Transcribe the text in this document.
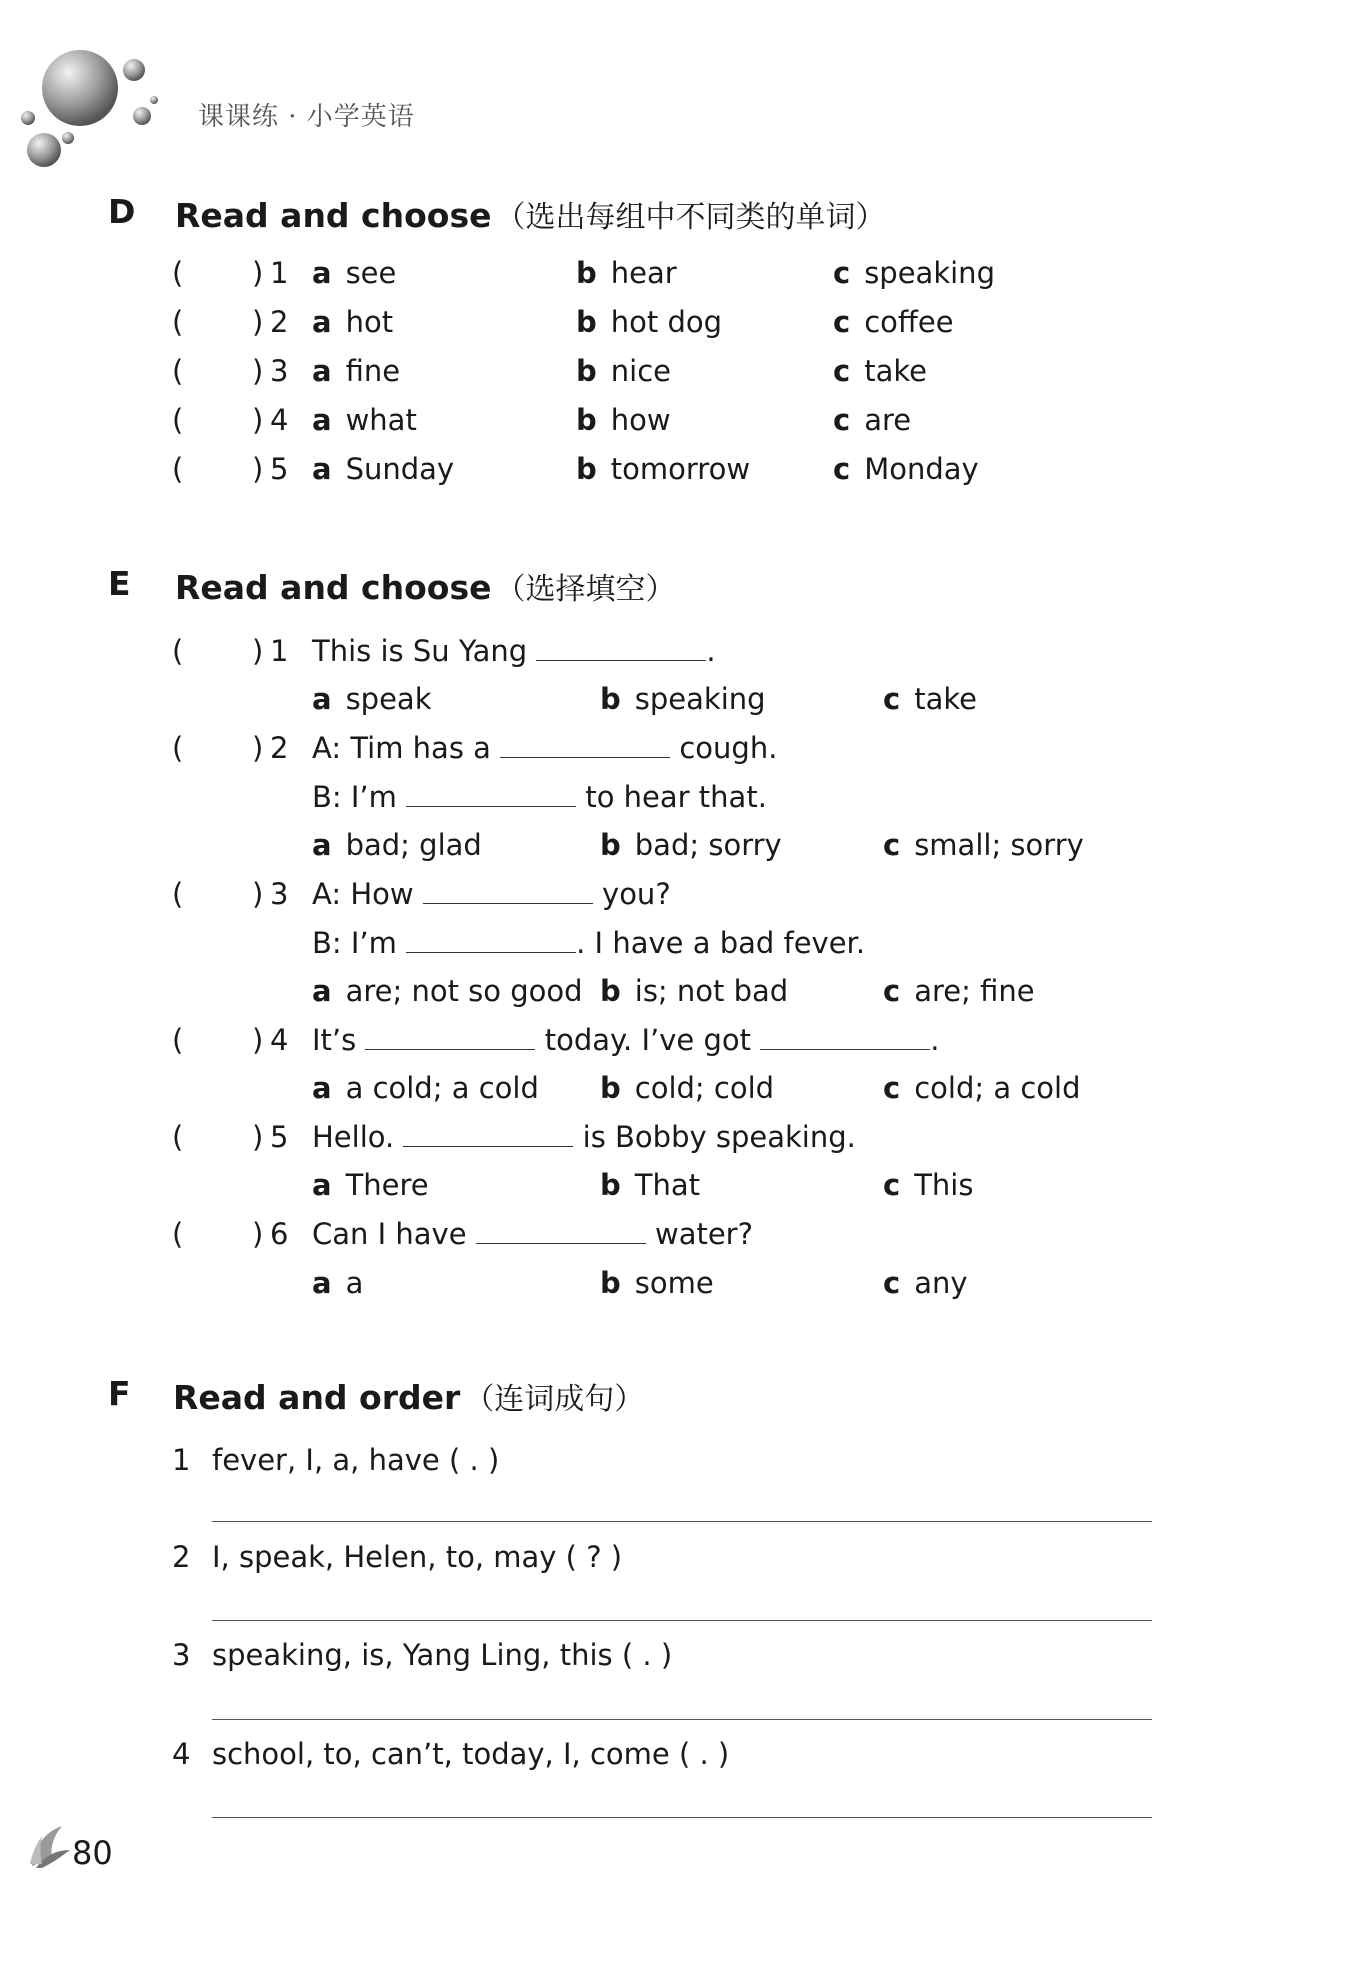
课课练 · 小学英语
D Read and choose （选出每组中不同类的单词）
( ) 1 a see	b hear	c speaking
( ) 2 a hot	b hot dog	c coffee
( ) 3 a fine	b nice	c take
( ) 4 a what	b how	c are
( ) 5 a Sunday	b tomorrow	c Monday
E Read and choose （选择填空）
( ) 1 This is Su Yang	.
a speak	b speaking	c take
( ) 2 A: Tim has a	cough.
B: I’m	to hear that.
a bad; glad	b bad; sorry	c small; sorry
( ) 3 A: How	you?
B: I’m	. I have a bad fever.
a are; not so good b is; not bad	c are; fine
( ) 4 It’s	today. I’ve got	.
a a cold; a cold b cold; cold	c cold; a cold
( ) 5 Hello.	is Bobby speaking.
a There	b That	c This
( ) 6 Can I have	water?
a a	b some	c any
F Read and order （连词成句）
1 fever, I, a, have ( . )
2 I, speak, Helen, to, may ( ? )
3 speaking, is, Yang Ling, this ( . )
4 school, to, can’t, today, I, come ( . )
80
